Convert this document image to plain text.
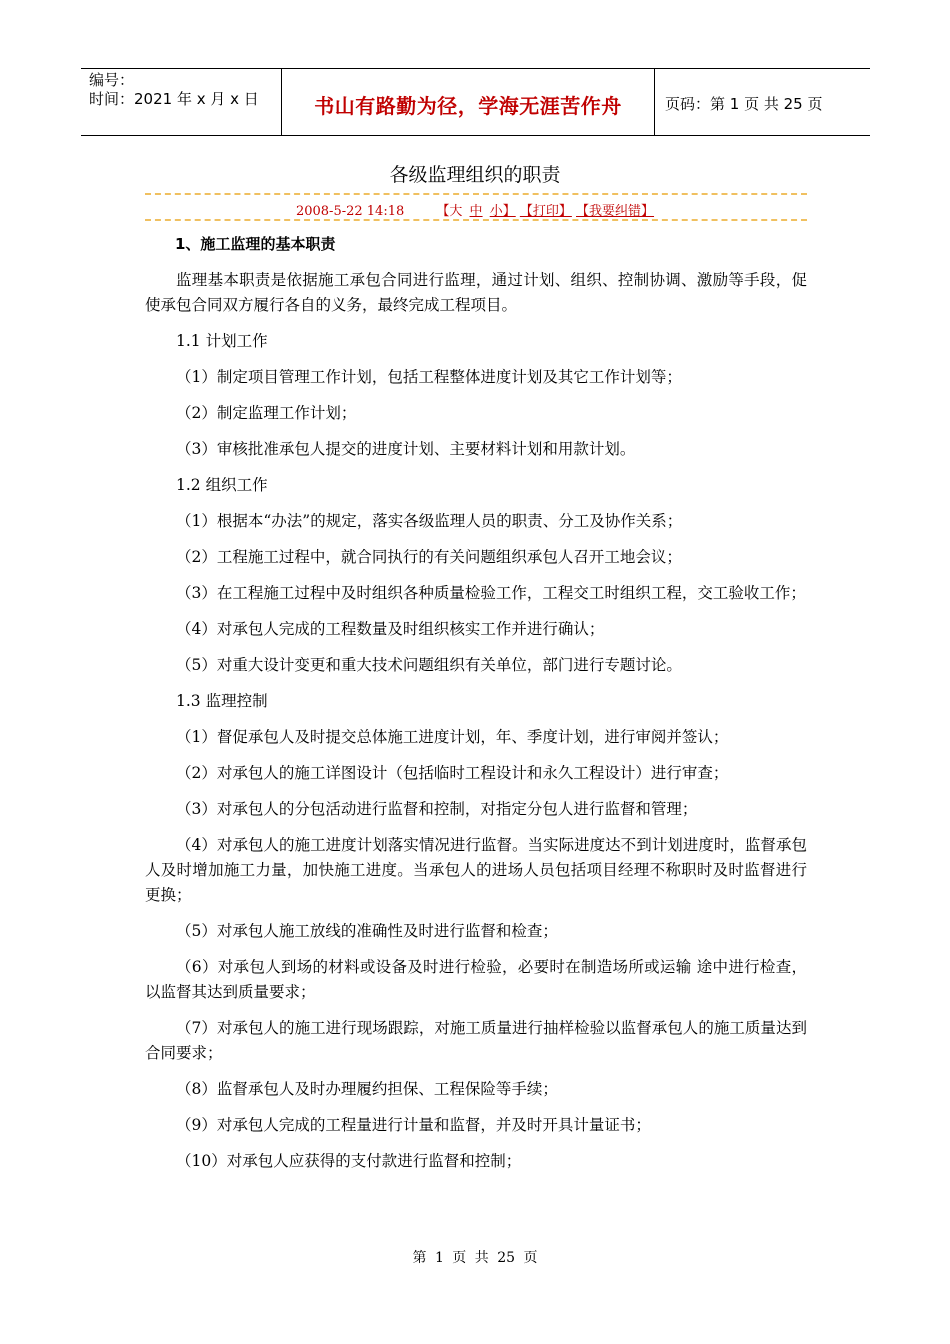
编号：
时间：2021 年 x 月 x 日	书山有路勤为径，学海无涯苦作舟	页码：第 1 页 共 25 页
各级监理组织的职责
2008-5-22 14:18 【大 中 小】 【打印】 【我要纠错】

1、施工监理的基本职责

监理基本职责是依据施工承包合同进行监理，通过计划、组织、控制协调、激励等手段，促使承包合同双方履行各自的义务，最终完成工程项目。

1.1 计划工作

（1）制定项目管理工作计划，包括工程整体进度计划及其它工作计划等；

（2）制定监理工作计划；

（3）审核批准承包人提交的进度计划、主要材料计划和用款计划。

1.2 组织工作

（1）根据本“办法”的规定，落实各级监理人员的职责、分工及协作关系；

（2）工程施工过程中，就合同执行的有关问题组织承包人召开工地会议；

（3）在工程施工过程中及时组织各种质量检验工作，工程交工时组织工程，交工验收工作；

（4）对承包人完成的工程数量及时组织核实工作并进行确认；

（5）对重大设计变更和重大技术问题组织有关单位，部门进行专题讨论。

1.3 监理控制

（1）督促承包人及时提交总体施工进度计划，年、季度计划，进行审阅并签认；

（2）对承包人的施工详图设计（包括临时工程设计和永久工程设计）进行审查；

（3）对承包人的分包活动进行监督和控制，对指定分包人进行监督和管理；

（4）对承包人的施工进度计划落实情况进行监督。当实际进度达不到计划进度时，监督承包人及时增加施工力量，加快施工进度。当承包人的进场人员包括项目经理不称职时及时监督进行更换；

（5）对承包人施工放线的准确性及时进行监督和检查；

（6）对承包人到场的材料或设备及时进行检验，必要时在制造场所或运输 途中进行检查，以监督其达到质量要求；

（7）对承包人的施工进行现场跟踪，对施工质量进行抽样检验以监督承包人的施工质量达到合同要求；

（8）监督承包人及时办理履约担保、工程保险等手续；

（9）对承包人完成的工程量进行计量和监督，并及时开具计量证书；

（10）对承包人应获得的支付款进行监督和控制；

第 1 页 共 25 页
